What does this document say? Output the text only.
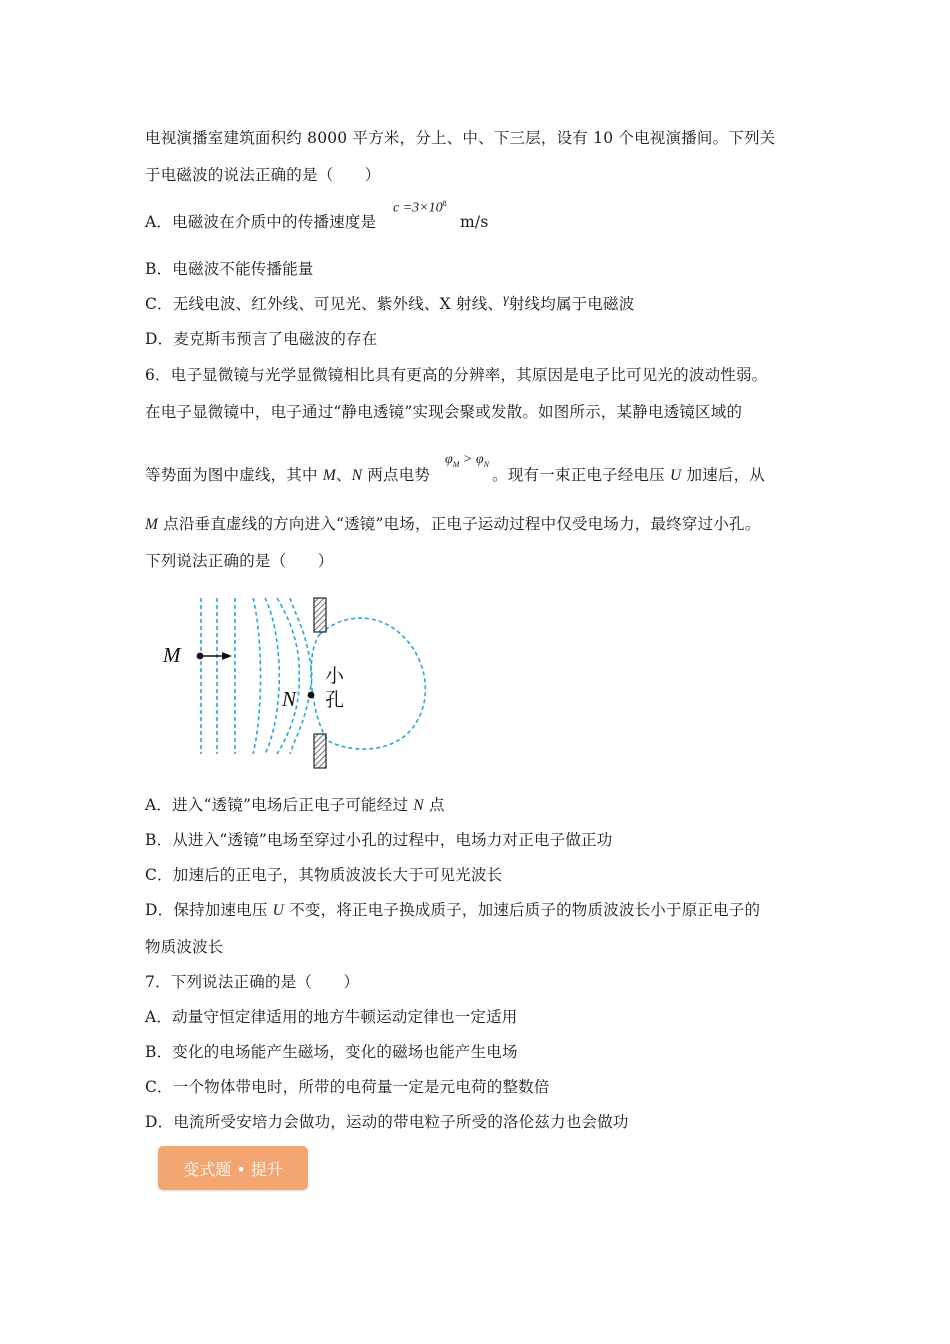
电视演播室建筑面积约 8000 平方米，分上、中、下三层，设有 10 个电视演播间。下列关
于电磁波的说法正确的是（　　）
A．电磁波在介质中的传播速度是
$c =3\times 10^8$
m/s
B．电磁波不能传播能量
C．无线电波、红外线、可见光、紫外线、X 射线、γ射线均属于电磁波
D．麦克斯韦预言了电磁波的存在
6．电子显微镜与光学显微镜相比具有更高的分辨率，其原因是电子比可见光的波动性弱。
在电子显微镜中，电子通过“静电透镜”实现会聚或发散。如图所示，某静电透镜区域的
等势面为图中虚线，其中 M、N 两点电势	。现有一束正电子经电压 U 加速后，从
$\varphi_M > \varphi_N$
M 点沿垂直虚线的方向进入“透镜”电场，正电子运动过程中仅受电场力，最终穿过小孔。
下列说法正确的是（　　）
M
N
小
孔
A．进入“透镜”电场后正电子可能经过 N 点
B．从进入“透镜”电场至穿过小孔的过程中，电场力对正电子做正功
C．加速后的正电子，其物质波波长大于可见光波长
D．保持加速电压 U 不变，将正电子换成质子，加速后质子的物质波波长小于原正电子的
物质波波长
7．下列说法正确的是（　　）
A．动量守恒定律适用的地方牛顿运动定律也一定适用
B．变化的电场能产生磁场，变化的磁场也能产生电场
C．一个物体带电时，所带的电荷量一定是元电荷的整数倍
D．电流所受安培力会做功，运动的带电粒子所受的洛伦兹力也会做功
变式题 • 提升
